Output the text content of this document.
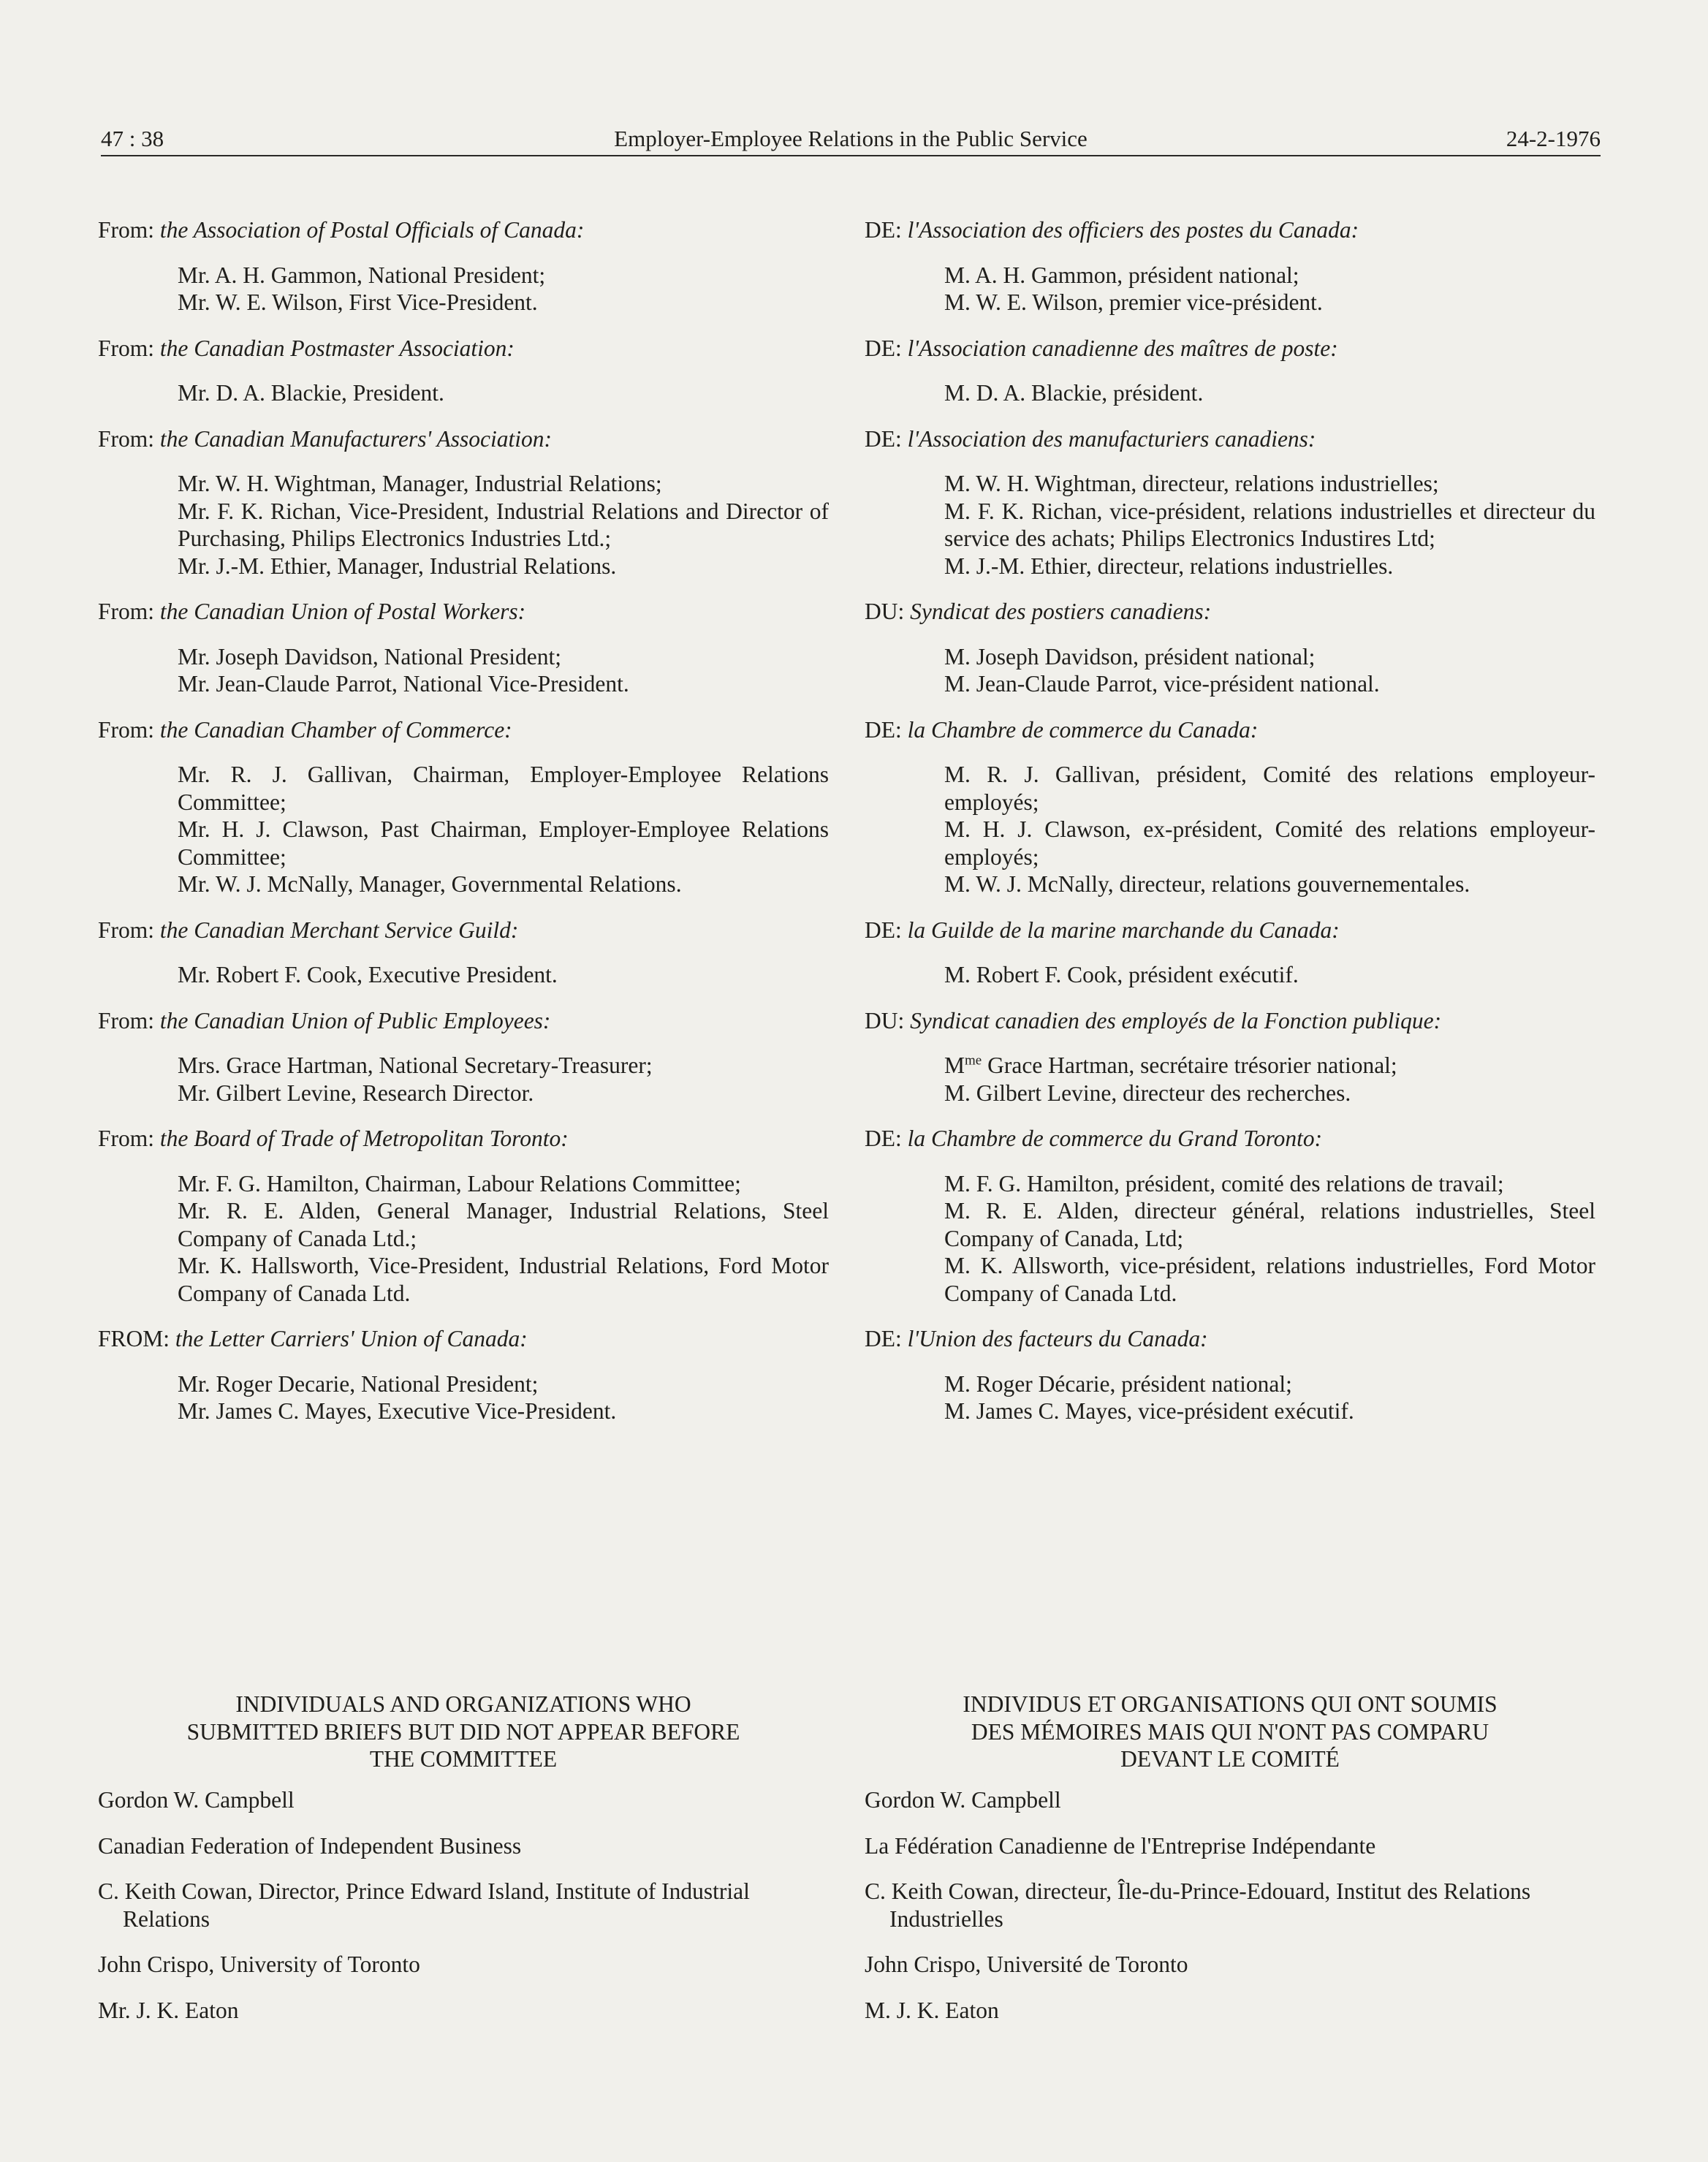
47 : 38	Employer-Employee Relations in the Public Service	24-2-1976
From: the Association of Postal Officials of Canada:

Mr. A. H. Gammon, National President;

Mr. W. E. Wilson, First Vice-President.

From: the Canadian Postmaster Association:

Mr. D. A. Blackie, President.

From: the Canadian Manufacturers' Association:

Mr. W. H. Wightman, Manager, Industrial Relations;

Mr. F. K. Richan, Vice-President, Industrial Relations and Director of Purchasing, Philips Electronics Industries Ltd.;

Mr. J.-M. Ethier, Manager, Industrial Relations.

From: the Canadian Union of Postal Workers:

Mr. Joseph Davidson, National President;

Mr. Jean-Claude Parrot, National Vice-President.

From: the Canadian Chamber of Commerce:

Mr. R. J. Gallivan, Chairman, Employer-Employee Relations Committee;

Mr. H. J. Clawson, Past Chairman, Employer-Employee Relations Committee;

Mr. W. J. McNally, Manager, Governmental Relations.

From: the Canadian Merchant Service Guild:

Mr. Robert F. Cook, Executive President.

From: the Canadian Union of Public Employees:

Mrs. Grace Hartman, National Secretary-Treasurer;

Mr. Gilbert Levine, Research Director.

From: the Board of Trade of Metropolitan Toronto:

Mr. F. G. Hamilton, Chairman, Labour Relations Committee;

Mr. R. E. Alden, General Manager, Industrial Relations, Steel Company of Canada Ltd.;

Mr. K. Hallsworth, Vice-President, Industrial Relations, Ford Motor Company of Canada Ltd.

FROM: the Letter Carriers' Union of Canada:

Mr. Roger Decarie, National President;

Mr. James C. Mayes, Executive Vice-President.

DE: l'Association des officiers des postes du Canada:

M. A. H. Gammon, président national;

M. W. E. Wilson, premier vice-président.

DE: l'Association canadienne des maîtres de poste:

M. D. A. Blackie, président.

DE: l'Association des manufacturiers canadiens:

M. W. H. Wightman, directeur, relations industrielles;

M. F. K. Richan, vice-président, relations industrielles et directeur du service des achats; Philips Electronics Industires Ltd;

M. J.-M. Ethier, directeur, relations industrielles.

DU: Syndicat des postiers canadiens:

M. Joseph Davidson, président national;

M. Jean-Claude Parrot, vice-président national.

DE: la Chambre de commerce du Canada:

M. R. J. Gallivan, président, Comité des relations employeur-employés;

M. H. J. Clawson, ex-président, Comité des relations employeur-employés;

M. W. J. McNally, directeur, relations gouvernementales.

DE: la Guilde de la marine marchande du Canada:

M. Robert F. Cook, président exécutif.

DU: Syndicat canadien des employés de la Fonction publique:

$M^{me}$ Grace Hartman, secrétaire trésorier national;

M. Gilbert Levine, directeur des recherches.

DE: la Chambre de commerce du Grand Toronto:

M. F. G. Hamilton, président, comité des relations de travail;

M. R. E. Alden, directeur général, relations industrielles, Steel Company of Canada, Ltd;

M. K. Allsworth, vice-président, relations industrielles, Ford Motor Company of Canada Ltd.

DE: l'Union des facteurs du Canada:

M. Roger Décarie, président national;

M. James C. Mayes, vice-président exécutif.

INDIVIDUALS AND ORGANIZATIONS WHO
SUBMITTED BRIEFS BUT DID NOT APPEAR BEFORE
THE COMMITTEE
INDIVIDUS ET ORGANISATIONS QUI ONT SOUMIS
DES MÉMOIRES MAIS QUI N'ONT PAS COMPARU
DEVANT LE COMITÉ

Gordon W. Campbell

Canadian Federation of Independent Business

C. Keith Cowan, Director, Prince Edward Island, Institute of Industrial Relations

John Crispo, University of Toronto

Mr. J. K. Eaton

Gordon W. Campbell

La Fédération Canadienne de l'Entreprise Indépendante

C. Keith Cowan, directeur, Île-du-Prince-Edouard, Institut des Relations Industrielles

John Crispo, Université de Toronto

M. J. K. Eaton
